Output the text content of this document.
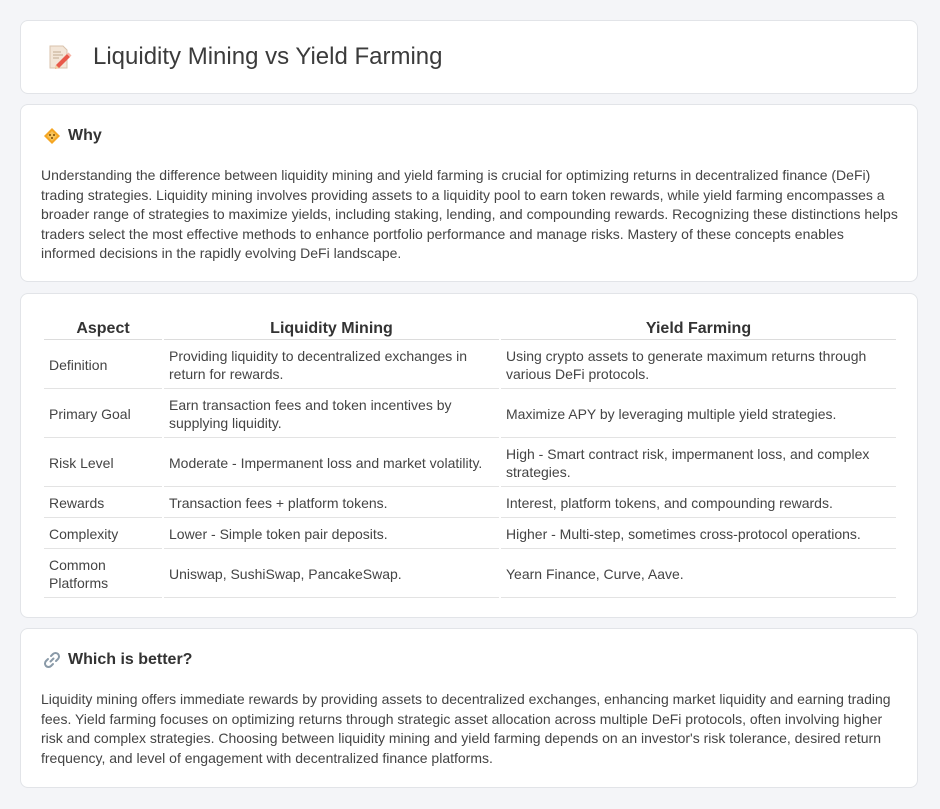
Liquidity Mining vs Yield Farming
Why

Understanding the difference between liquidity mining and yield farming is crucial for optimizing returns in decentralized finance (DeFi) trading strategies. Liquidity mining involves providing assets to a liquidity pool to earn token rewards, while yield farming encompasses a broader range of strategies to maximize yields, including staking, lending, and compounding rewards. Recognizing these distinctions helps traders select the most effective methods to enhance portfolio performance and manage risks. Mastery of these concepts enables informed decisions in the rapidly evolving DeFi landscape.

Aspect	Liquidity Mining	Yield Farming
Definition	Providing liquidity to decentralized exchanges in return for rewards.	Using crypto assets to generate maximum returns through various DeFi protocols.
Primary Goal	Earn transaction fees and token incentives by supplying liquidity.	Maximize APY by leveraging multiple yield strategies.
Risk Level	Moderate - Impermanent loss and market volatility.	High - Smart contract risk, impermanent loss, and complex strategies.
Rewards	Transaction fees + platform tokens.	Interest, platform tokens, and compounding rewards.
Complexity	Lower - Simple token pair deposits.	Higher - Multi-step, sometimes cross-protocol operations.
Common Platforms	Uniswap, SushiSwap, PancakeSwap.	Yearn Finance, Curve, Aave.
Which is better?

Liquidity mining offers immediate rewards by providing assets to decentralized exchanges, enhancing market liquidity and earning trading fees. Yield farming focuses on optimizing returns through strategic asset allocation across multiple DeFi protocols, often involving higher risk and complex strategies. Choosing between liquidity mining and yield farming depends on an investor's risk tolerance, desired return frequency, and level of engagement with decentralized finance platforms.
